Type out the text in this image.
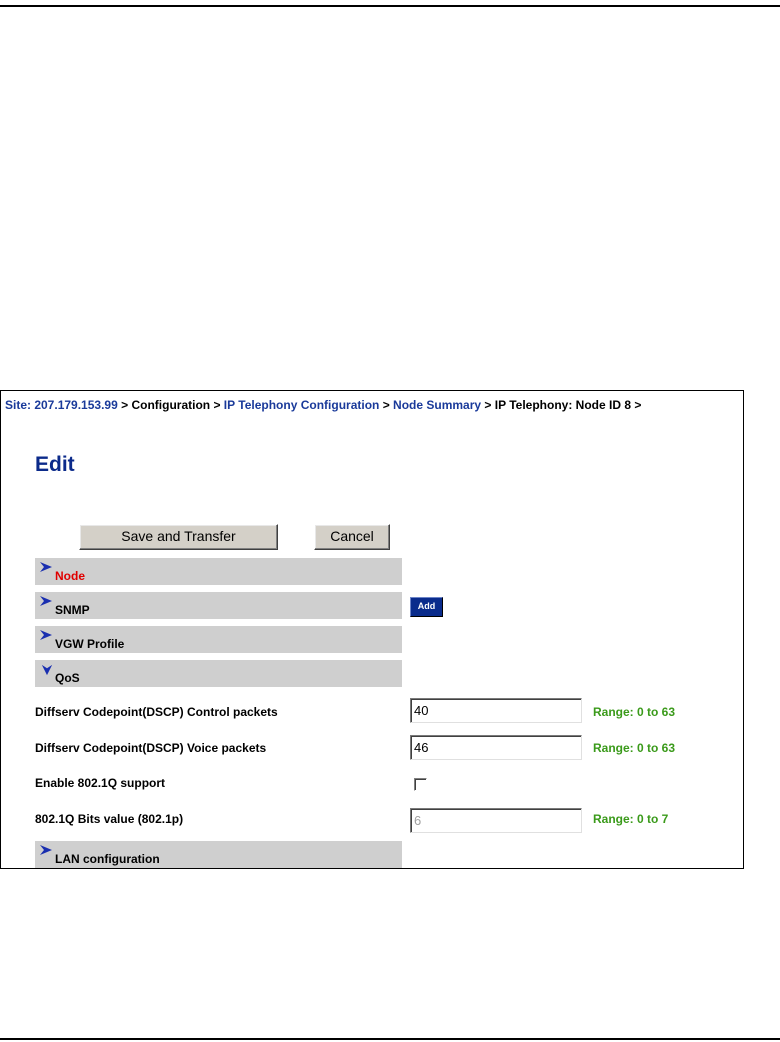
Site: 207.179.153.99 > Configuration > IP Telephony Configuration > Node Summary > IP Telephony: Node ID 8 >
Edit
Save and Transfer	Cancel
Node
SNMP	Add
VGW Profile
QoS
Diffserv Codepoint(DSCP) Control packets	40	Range: 0 to 63
Diffserv Codepoint(DSCP) Voice packets	46	Range: 0 to 63
Enable 802.1Q support
802.1Q Bits value (802.1p)	6	Range: 0 to 7
LAN configuration
